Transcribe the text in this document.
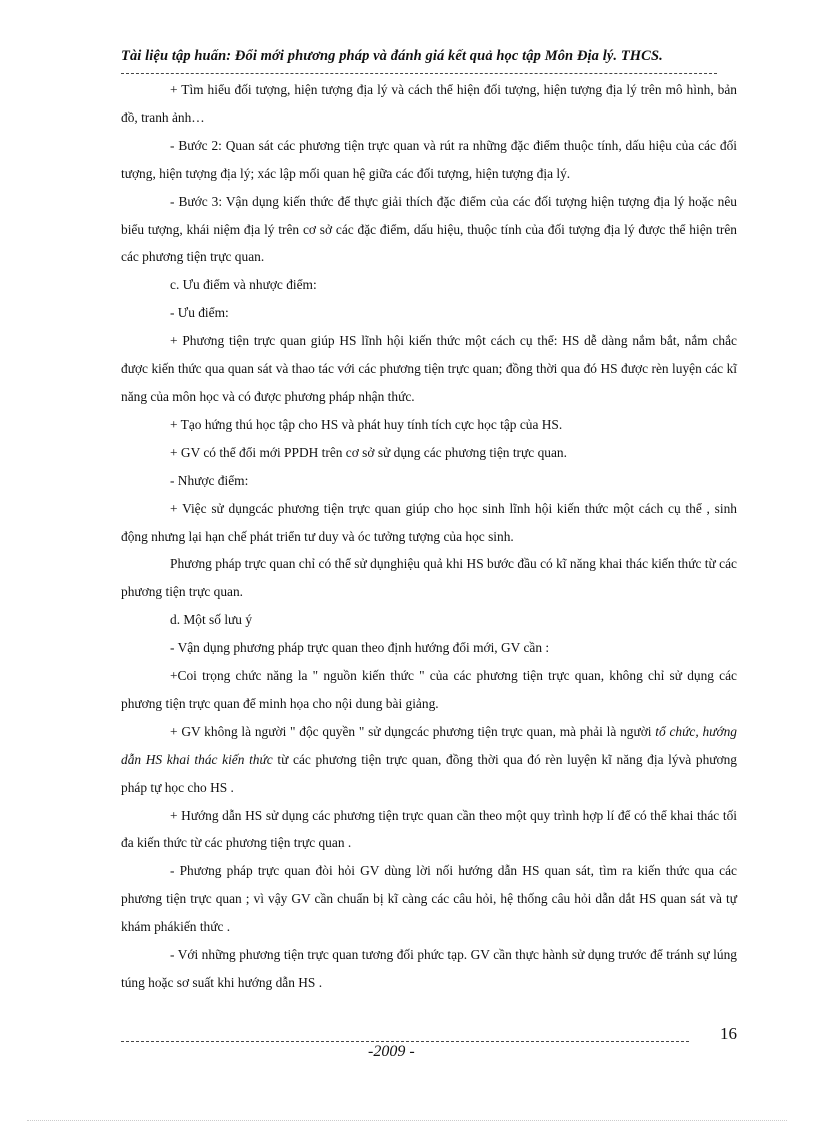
Tài liệu tập huấn: Đổi mới phương pháp và đánh giá kết quả học tập Môn Địa lý. THCS.

+ Tìm hiểu đối tượng, hiện tượng địa lý và cách thể hiện đối tượng, hiện tượng địa lý trên mô hình, bản đồ, tranh ảnh…

- Bước 2: Quan sát các phương tiện trực quan và rút ra những đặc điểm thuộc tính, dấu hiệu của các đối tượng, hiện tượng địa lý; xác lập mối quan hệ giữa các đối tượng, hiện tượng địa lý.

- Bước 3: Vận dụng kiến thức để thực giải thích đặc điểm của các đối tượng hiện tượng địa lý hoặc nêu biểu tượng, khái niệm địa lý trên cơ sở các đặc điểm, dấu hiệu, thuộc tính của đối tượng địa lý được thể hiện trên các phương tiện trực quan.

c. Ưu điểm và nhược điểm:

- Ưu điểm:

+ Phương tiện trực quan giúp HS lĩnh hội kiến thức một cách cụ thể: HS dễ dàng nắm bắt, nắm chắc được kiến thức qua quan sát và thao tác với các phương tiện trực quan; đồng thời qua đó HS được rèn luyện các kĩ năng của môn học và có được phương pháp nhận thức.

+ Tạo hứng thú học tập cho HS và phát huy tính tích cực học tập của HS.

+ GV có thể đổi mới PPDH trên cơ sở sử dụng các phương tiện trực quan.

- Nhược điểm:

+ Việc sử dụngcác phương tiện trực quan giúp cho học sinh lĩnh hội kiến thức một cách cụ thể , sinh động nhưng lại hạn chế phát triển tư duy và óc tưởng tượng của học sinh.

Phương pháp trực quan chỉ có thể sử dụnghiệu quả khi HS bước đầu có kĩ năng khai thác kiến thức từ các phương tiện trực quan.

d. Một số lưu ý

- Vận dụng phương pháp trực quan theo định hướng đổi mới, GV cần :

+Coi trọng chức năng la " nguồn kiến thức " của các phương tiện trực quan, không chỉ sử dụng các phương tiện trực quan để minh họa cho nội dung bài giảng.

+ GV không là người " độc quyền " sử dụngcác phương tiện trực quan, mà phải là người tổ chức, hướng dẫn HS khai thác kiến thức từ các phương tiện trực quan, đồng thời qua đó rèn luyện kĩ năng địa lývà phương pháp tự học cho HS .

+ Hướng dẫn HS sử dụng các phương tiện trực quan cần theo một quy trình hợp lí để có thể khai thác tối đa kiến thức từ các phương tiện trực quan .

- Phương pháp trực quan đòi hỏi GV dùng lời nối hướng dẫn HS quan sát, tìm ra kiến thức qua các phương tiện trực quan ; vì vậy GV cần chuẩn bị kĩ càng các câu hỏi, hệ thống câu hỏi dẫn dắt HS quan sát và tự khám phákiến thức .

- Với những phương tiện trực quan tương đối phức tạp. GV cần thực hành sử dụng trước để tránh sự lúng túng hoặc sơ suất khi hướng dẫn HS .

16
-2009 -
